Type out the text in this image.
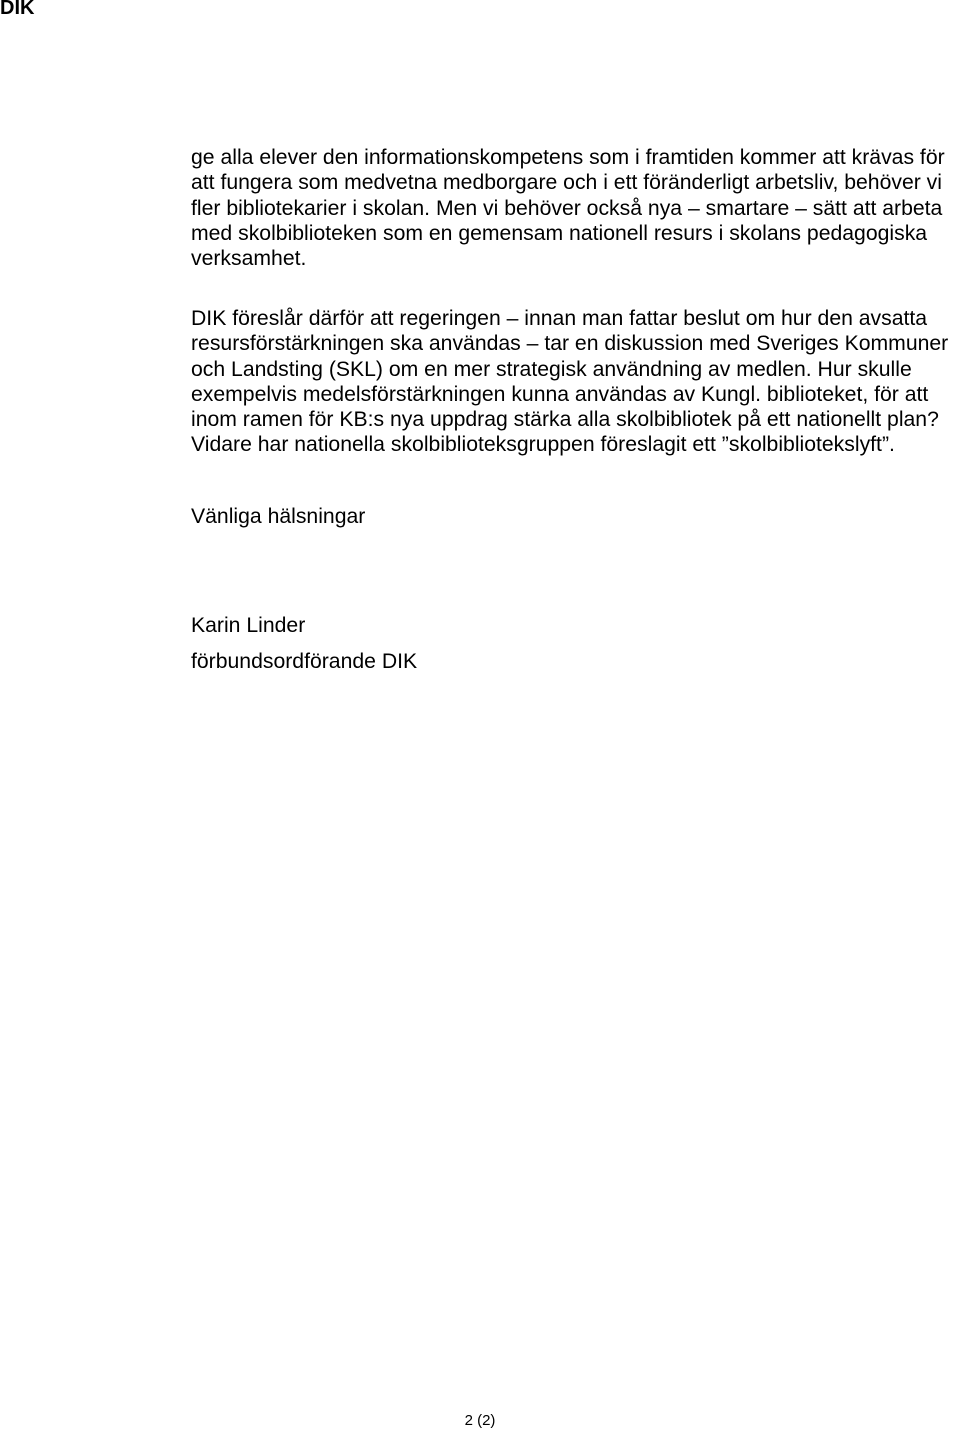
DIK
ge alla elever den informationskompetens som i framtiden kommer att krävas för
att fungera som medvetna medborgare och i ett föränderligt arbetsliv, behöver vi
fler bibliotekarier i skolan. Men vi behöver också nya – smartare – sätt att arbeta
med skolbiblioteken som en gemensam nationell resurs i skolans pedagogiska
verksamhet.
DIK föreslår därför att regeringen – innan man fattar beslut om hur den avsatta
resursförstärkningen ska användas – tar en diskussion med Sveriges Kommuner
och Landsting (SKL) om en mer strategisk användning av medlen. Hur skulle
exempelvis medelsförstärkningen kunna användas av Kungl. biblioteket, för att
inom ramen för KB:s nya uppdrag stärka alla skolbibliotek på ett nationellt plan?
Vidare har nationella skolbiblioteksgruppen föreslagit ett ”skolbibliotekslyft”.
Vänliga hälsningar
Karin Linder
förbundsordförande DIK
2 (2)
